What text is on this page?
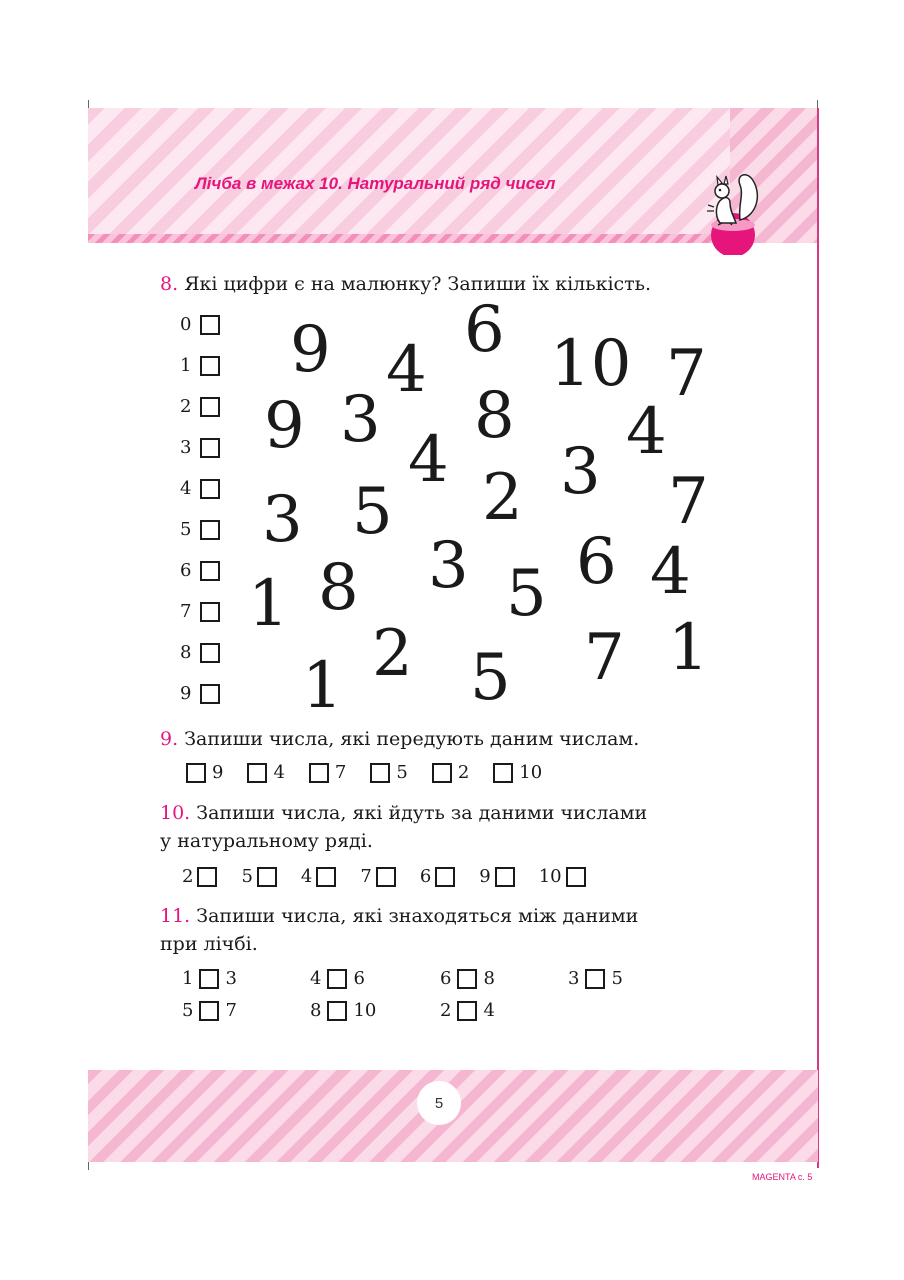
Лічба в межах 10. Натуральний ряд чисел
8. Які цифри є на малюнку? Запиши їх кількість.
0
1
2
3
4
5
6
7
8
9
9 4
6 10 7
9 3 8 4
4 3
2
3	7
3
5
1 8 5 6 4
2	7 1
1 5
9. Запиши числа, які передують даним числам.
9	4	7	5	2	10
10. Запиши числа, які йдуть за даними числами
у натуральному ряді.
2	5	4	7	6	9	10
11. Запиши числа, які знаходяться між даними
при лічбі.
1 3	4 6	6 8	3 5
5 7	8 10	2 4
5
MAGENTA с. 5
